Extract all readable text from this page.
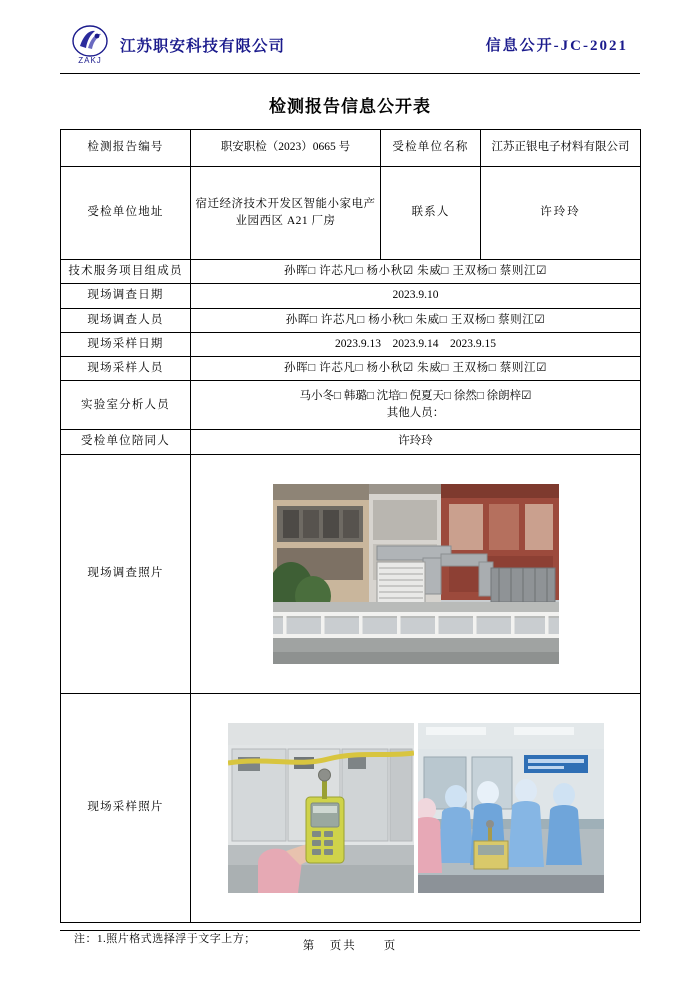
ZAKJ
江苏职安科技有限公司	信息公开-JC-2021
检测报告信息公开表
检测报告编号	职安职检（2023）0665 号	受检单位名称	江苏正银电子材料有限公司
受检单位地址	宿迁经济技术开发区智能小家电产业园西区 A21 厂房	联系人	许玲玲
技术服务项目组成员	孙晖□ 许芯凡□ 杨小秋☑ 朱威□ 王双杨□ 蔡则江☑		
现场调查日期	2023.9.10		
现场调查人员	孙晖□ 许芯凡□ 杨小秋□ 朱威□ 王双杨□ 蔡则江☑		
现场采样日期	2023.9.13　2023.9.14　2023.9.15		
现场采样人员	孙晖□ 许芯凡□ 杨小秋☑ 朱威□ 王双杨□ 蔡则江☑		
实验室分析人员	马小冬□ 韩璐□ 沈培□ 倪夏天□ 徐然□ 徐朗梓☑
其他人员：		

受检单位陪同人	许玲玲		
现场调查照片	

现场采样照片	
注：1.照片格式选择浮于文字上方；
第　页共　　页
